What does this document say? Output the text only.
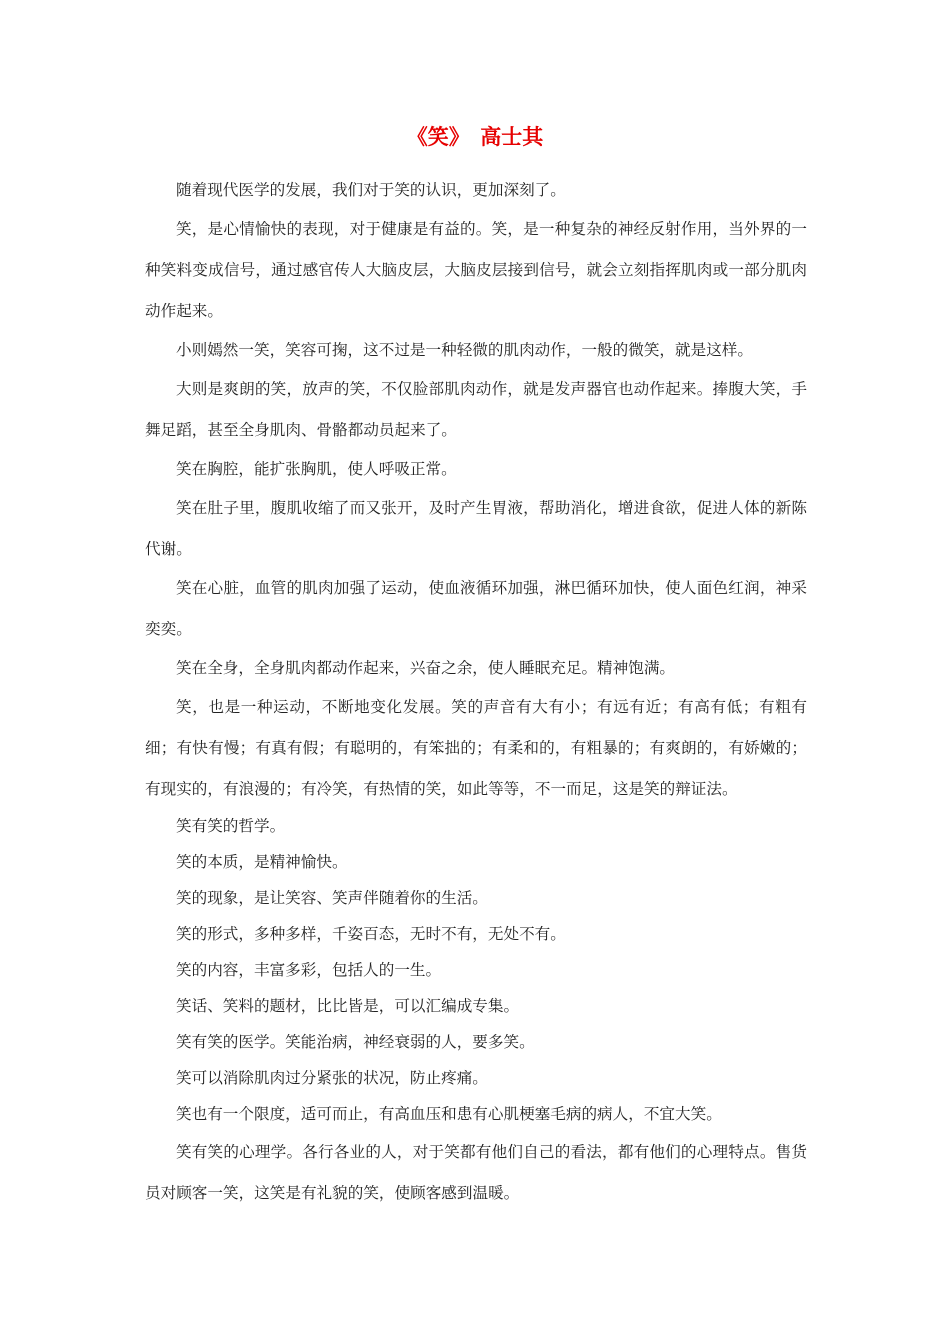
《笑》　高士其

随着现代医学的发展，我们对于笑的认识，更加深刻了。

笑，是心情愉快的表现，对于健康是有益的。笑，是一种复杂的神经反射作用，当外界的一种笑料变成信号，通过感官传人大脑皮层，大脑皮层接到信号，就会立刻指挥肌肉或一部分肌肉动作起来。

小则嫣然一笑，笑容可掬，这不过是一种轻微的肌肉动作，一般的微笑，就是这样。

大则是爽朗的笑，放声的笑，不仅脸部肌肉动作，就是发声器官也动作起来。捧腹大笑，手舞足蹈，甚至全身肌肉、骨骼都动员起来了。

笑在胸腔，能扩张胸肌，使人呼吸正常。

笑在肚子里，腹肌收缩了而又张开，及时产生胃液，帮助消化，增进食欲，促进人体的新陈代谢。

笑在心脏，血管的肌肉加强了运动，使血液循环加强，淋巴循环加快，使人面色红润，神采奕奕。

笑在全身，全身肌肉都动作起来，兴奋之余，使人睡眠充足。精神饱满。

笑，也是一种运动，不断地变化发展。笑的声音有大有小；有远有近；有高有低；有粗有细；有快有慢；有真有假；有聪明的，有笨拙的；有柔和的，有粗暴的；有爽朗的，有娇嫩的；有现实的，有浪漫的；有冷笑，有热情的笑，如此等等，不一而足，这是笑的辩证法。

笑有笑的哲学。

笑的本质，是精神愉快。

笑的现象，是让笑容、笑声伴随着你的生活。

笑的形式，多种多样，千姿百态，无时不有，无处不有。

笑的内容，丰富多彩，包括人的一生。

笑话、笑料的题材，比比皆是，可以汇编成专集。

笑有笑的医学。笑能治病，神经衰弱的人，要多笑。

笑可以消除肌肉过分紧张的状况，防止疼痛。

笑也有一个限度，适可而止，有高血压和患有心肌梗塞毛病的病人，不宜大笑。

笑有笑的心理学。各行各业的人，对于笑都有他们自己的看法，都有他们的心理特点。售货员对顾客一笑，这笑是有礼貌的笑，使顾客感到温暖。
